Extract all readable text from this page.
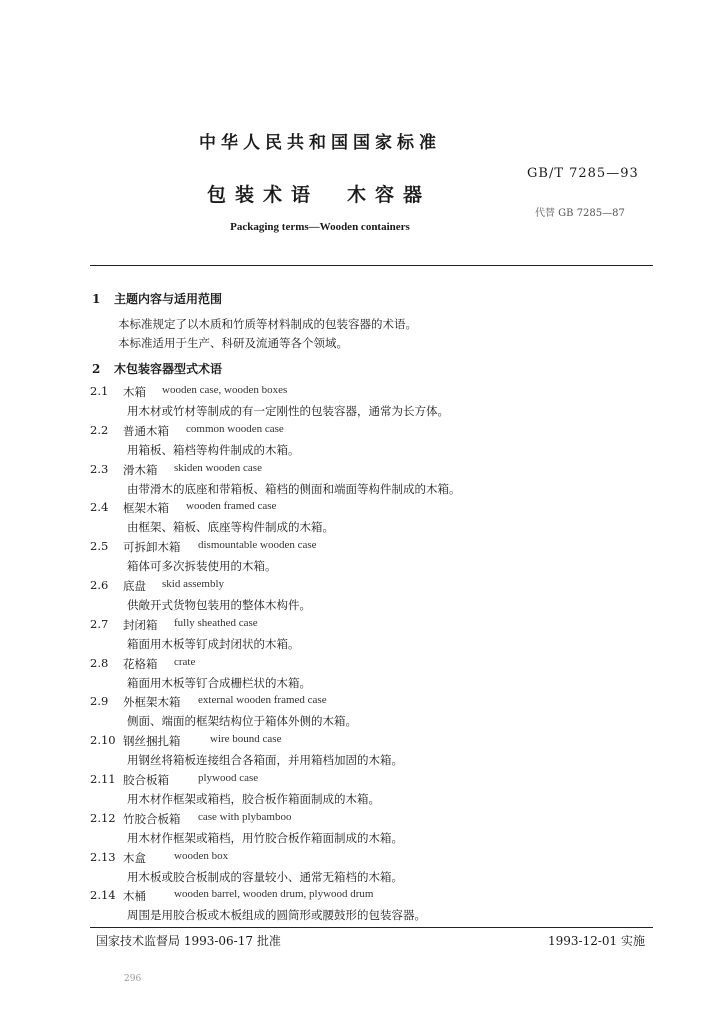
中华人民共和国国家标准
GB/T 7285—93
包装术语　木容器
代替 GB 7285—87
Packaging terms—Wooden containers
1 主题内容与适用范围
本标准规定了以木质和竹质等材料制成的包装容器的术语。
本标准适用于生产、科研及流通等各个领域。
2 木包装容器型式术语
2.1 木箱 wooden case, wooden boxes
用木材或竹材等制成的有一定刚性的包装容器，通常为长方体。
2.2 普通木箱 common wooden case
用箱板、箱档等构件制成的木箱。
2.3 滑木箱 skiden wooden case
由带滑木的底座和带箱板、箱档的侧面和端面等构件制成的木箱。
2.4 框架木箱 wooden framed case
由框架、箱板、底座等构件制成的木箱。
2.5 可拆卸木箱 dismountable wooden case
箱体可多次拆装使用的木箱。
2.6 底盘 skid assembly
供敞开式货物包装用的整体木构件。
2.7 封闭箱 fully sheathed case
箱面用木板等钉成封闭状的木箱。
2.8 花格箱 crate
箱面用木板等钉合成栅栏状的木箱。
2.9 外框架木箱 external wooden framed case
侧面、端面的框架结构位于箱体外侧的木箱。
2.10 钢丝捆扎箱	wire bound case
用钢丝将箱板连接组合各箱面，并用箱档加固的木箱。
2.11 胶合板箱	plywood case
用木材作框架或箱档，胶合板作箱面制成的木箱。
2.12 竹胶合板箱 case with plybamboo
用木材作框架或箱档，用竹胶合板作箱面制成的木箱。
2.13 木盒	wooden box
用木板或胶合板制成的容量较小、通常无箱档的木箱。
2.14 木桶	wooden barrel, wooden drum, plywood drum
周围是用胶合板或木板组成的圆筒形或腰鼓形的包装容器。
国家技术监督局 1993-06-17 批准	1993-12-01 实施
296
